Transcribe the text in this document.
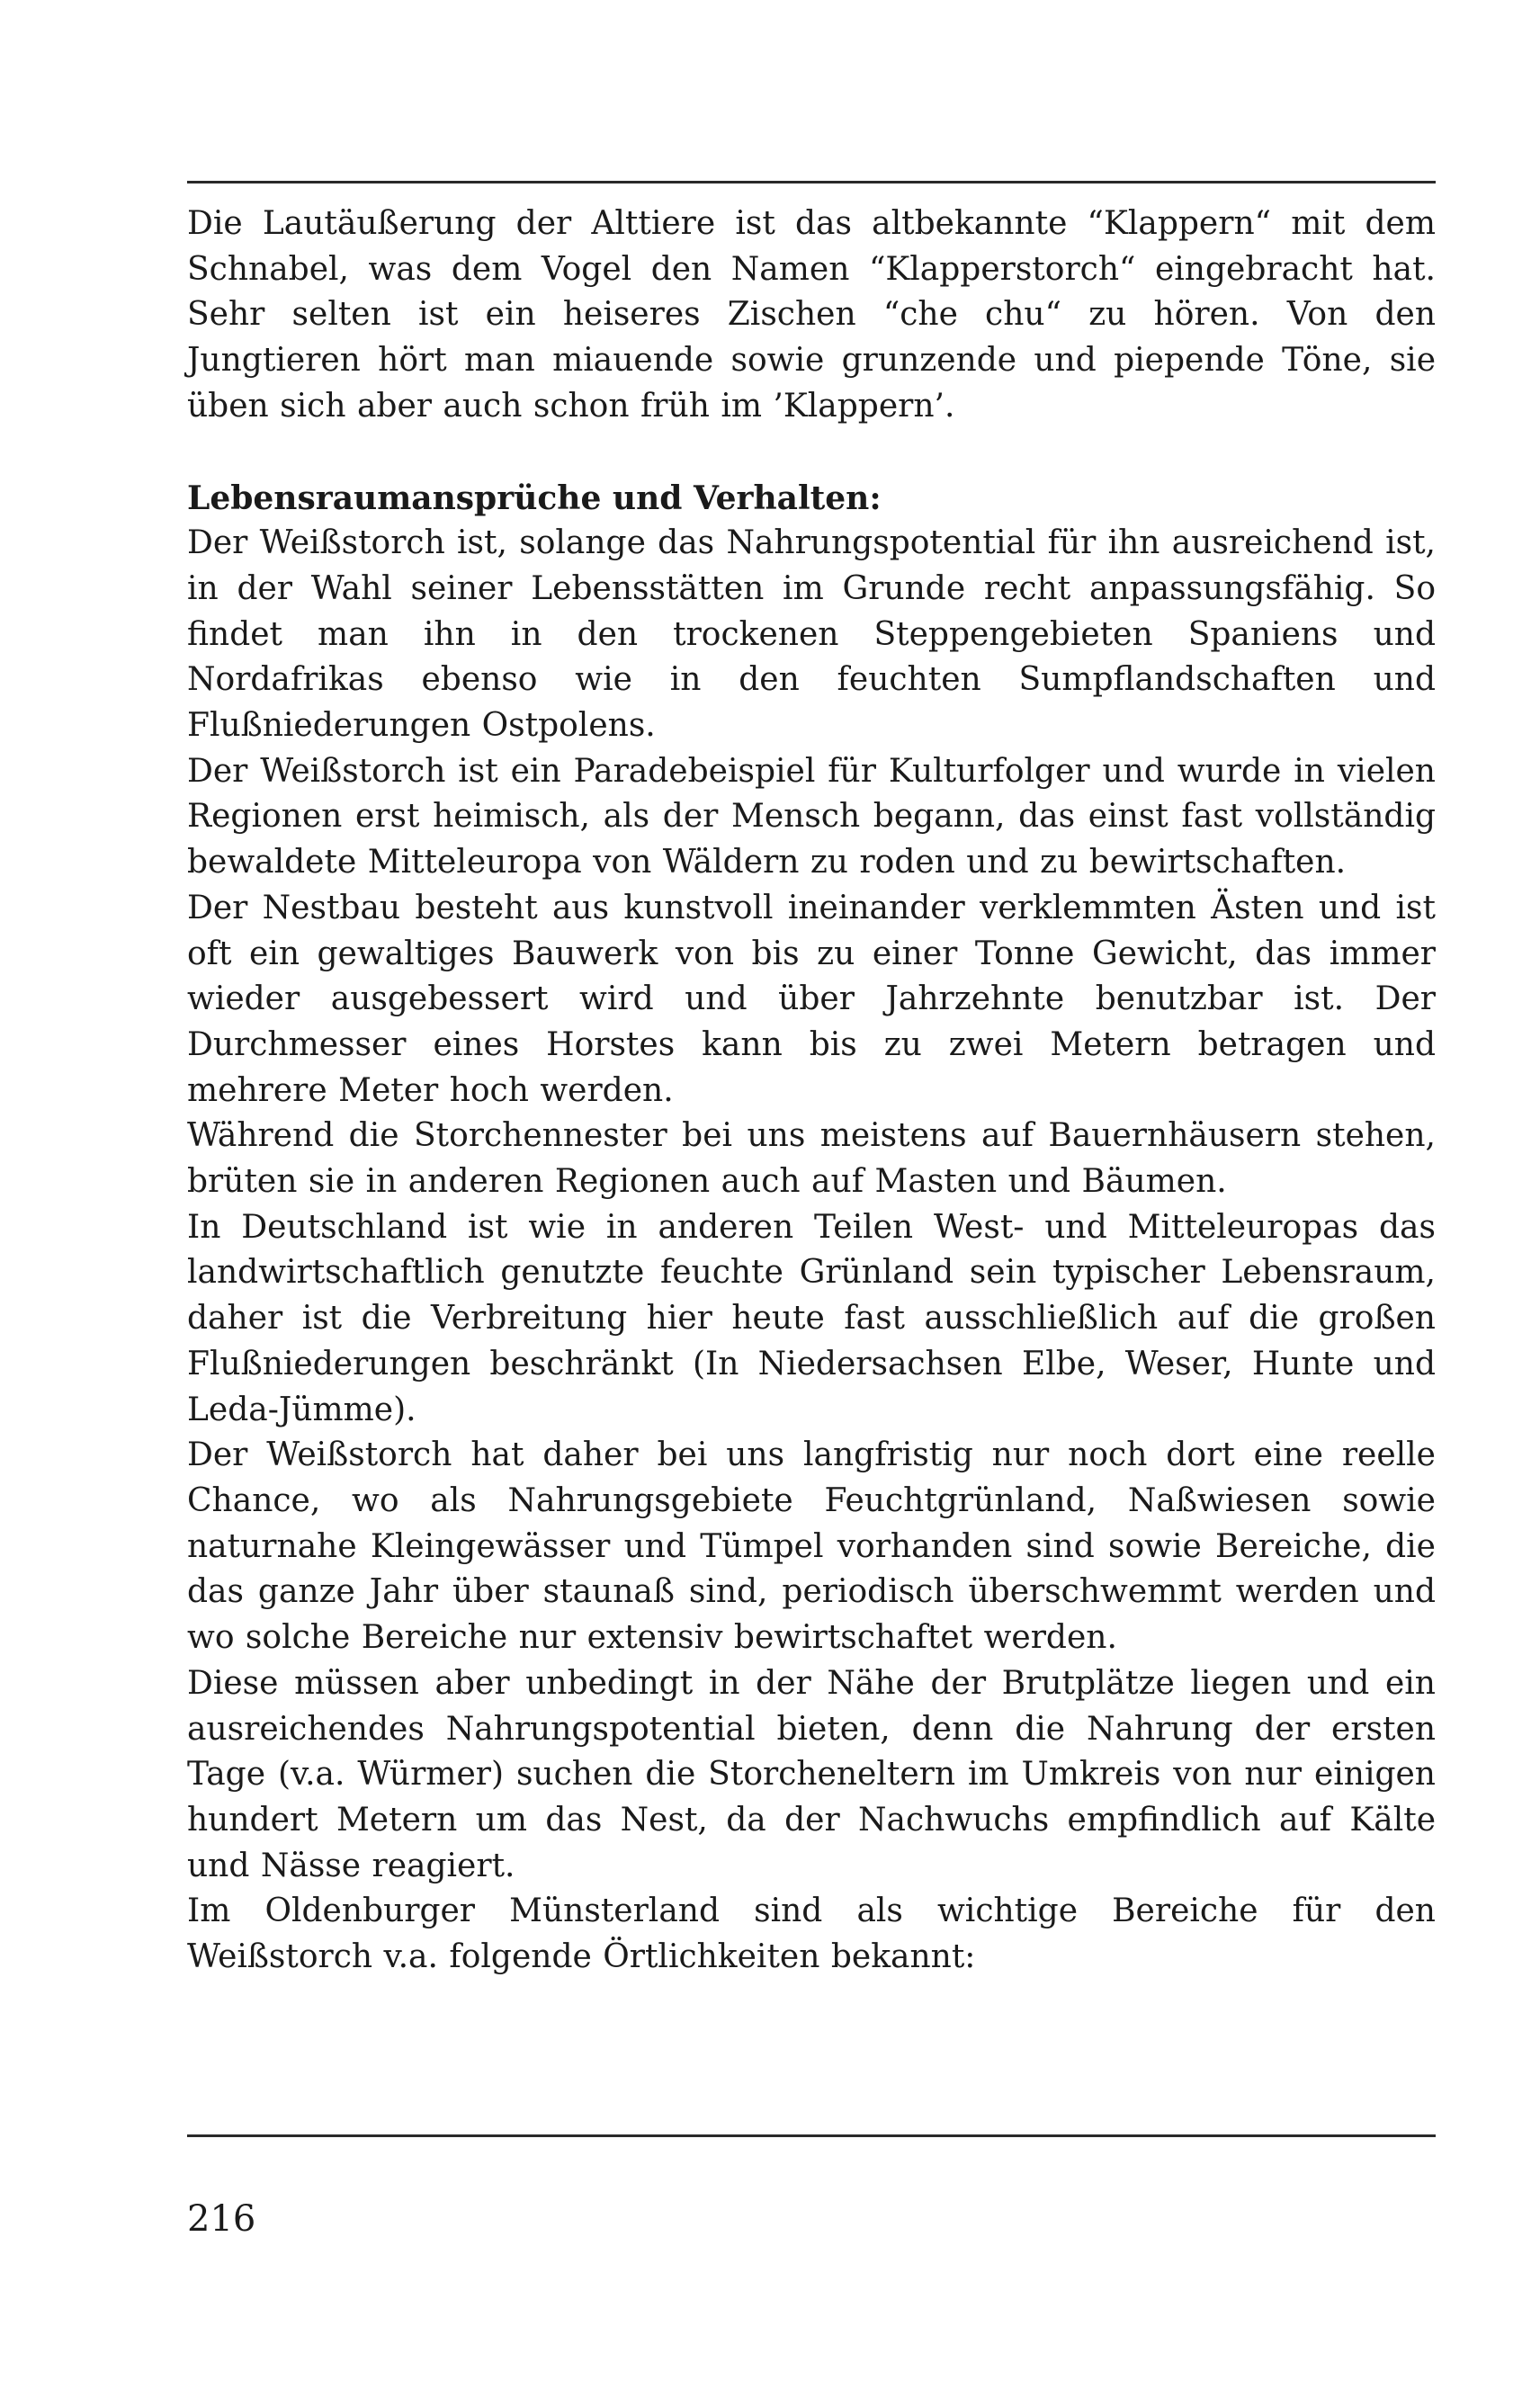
Die Lautäußerung der Alttiere ist das altbekannte “Klappern“ mit dem Schnabel, was dem Vogel den Namen “Klapperstorch“ eingebracht hat. Sehr selten ist ein heiseres Zischen “che chu“ zu hören. Von den Jungtieren hört man miauende sowie grunzende und piepende Töne, sie üben sich aber auch schon früh im ’Klappern’.

Lebensraumansprüche und Verhalten:

Der Weißstorch ist, solange das Nahrungspotential für ihn ausreichend ist, in der Wahl seiner Lebensstätten im Grunde recht anpassungsfähig. So findet man ihn in den trockenen Steppengebieten Spaniens und Nordafrikas ebenso wie in den feuchten Sumpflandschaften und Flußniederungen Ostpolens.

Der Weißstorch ist ein Paradebeispiel für Kulturfolger und wurde in vielen Regionen erst heimisch, als der Mensch begann, das einst fast vollständig bewaldete Mitteleuropa von Wäldern zu roden und zu bewirtschaften.

Der Nestbau besteht aus kunstvoll ineinander verklemmten Ästen und ist oft ein gewaltiges Bauwerk von bis zu einer Tonne Gewicht, das immer wieder ausgebessert wird und über Jahrzehnte benutzbar ist. Der Durchmesser eines Horstes kann bis zu zwei Metern betragen und mehrere Meter hoch werden.

Während die Storchennester bei uns meistens auf Bauernhäusern stehen, brüten sie in anderen Regionen auch auf Masten und Bäumen.

In Deutschland ist wie in anderen Teilen West- und Mitteleuropas das landwirtschaftlich genutzte feuchte Grünland sein typischer Lebensraum, daher ist die Verbreitung hier heute fast ausschließlich auf die großen Flußniederungen beschränkt (In Niedersachsen Elbe, Weser, Hunte und Leda-Jümme).

Der Weißstorch hat daher bei uns langfristig nur noch dort eine reelle Chance, wo als Nahrungsgebiete Feuchtgrünland, Naßwiesen sowie naturnahe Kleingewässer und Tümpel vorhanden sind sowie Bereiche, die das ganze Jahr über staunaß sind, periodisch überschwemmt werden und wo solche Bereiche nur extensiv bewirtschaftet werden.

Diese müssen aber unbedingt in der Nähe der Brutplätze liegen und ein ausreichendes Nahrungspotential bieten, denn die Nahrung der ersten Tage (v.a. Würmer) suchen die Storcheneltern im Umkreis von nur einigen hundert Metern um das Nest, da der Nachwuchs empfindlich auf Kälte und Nässe reagiert.

Im Oldenburger Münsterland sind als wichtige Bereiche für den Weißstorch v.a. folgende Örtlichkeiten bekannt:

216
